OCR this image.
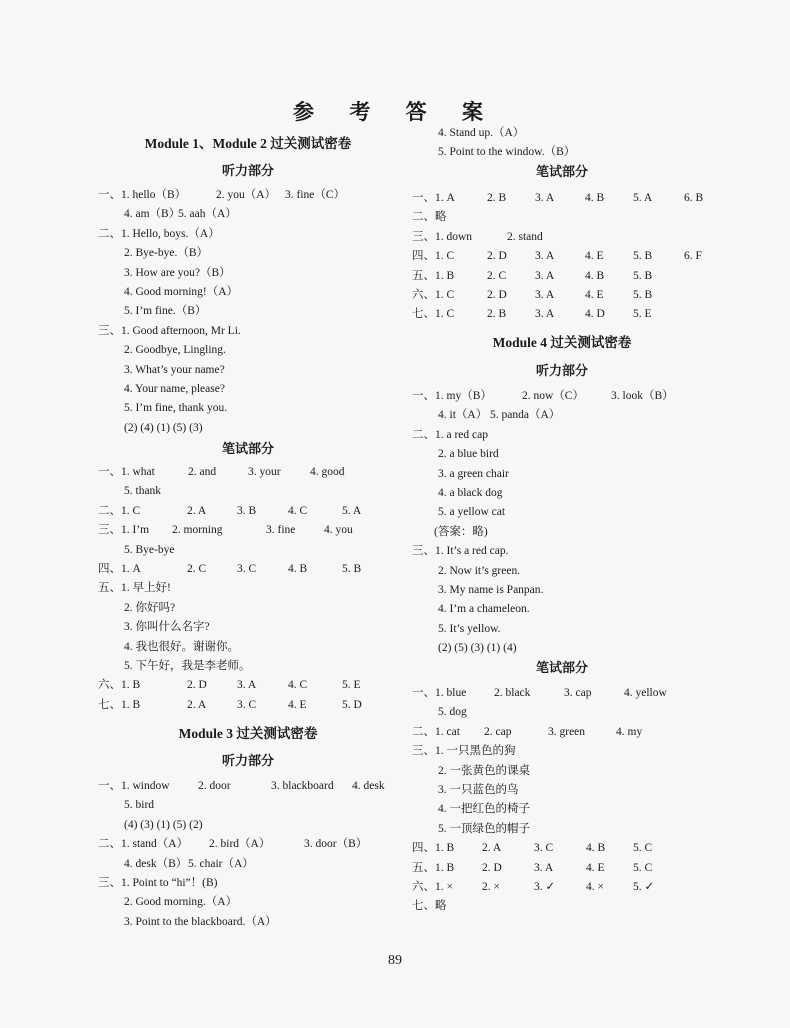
参 考 答 案
Module 1、Module 2 过关测试密卷
听力部分
一、1. hello（B）	2. you（A） 3. fine（C）
4. am（B）
5. aah（A）
二、1. Hello, boys.（A）
2. Bye-bye.（B）
3. How are you?（B）
4. Good morning!（A）
5. I’m fine.（B）
三、1. Good afternoon, Mr Li.
2. Goodbye, Lingling.
3. What’s your name?
4. Your name, please?
5. I’m fine, thank you.
(2) (4) (1) (5) (3)
笔试部分
一、1. what	2. and	3. your	4. good
5. thank
二、1. C	2. A	3. B	4. C	5. A
三、1. I’m 2. morning	3. fine 4. you
5. Bye-bye
四、1. A	2. C	3. C	4. B	5. B
五、1. 早上好!
2. 你好吗?
3. 你叫什么名字?
4. 我也很好。谢谢你。
5. 下午好，我是李老师。
六、1. B	2. D	3. A	4. C	5. E
七、1. B	2. A	3. C	4. E	5. D
Module 3 过关测试密卷
听力部分
一、1. window 2. door	3. blackboard 4. desk
5. bird
(4) (3) (1) (5) (2)
二、1. stand（A） 2. bird（A）	3. door（B）
4. desk（B） 5. chair（A）
三、1. Point to “hi”！(B)
2. Good morning.（A）
3. Point to the blackboard.（A）
4. Stand up.（A）
5. Point to the window.（B）
笔试部分
一、1. A	2. B	3. A	4. B	5. A	6. B
二、略
三、1. down	2. stand
四、1. C	2. D 3. A	4. E	5. B	6. F
五、1. B	2. C	3. A	4. B	5. B
六、1. C	2. D 3. A	4. E	5. B
七、1. C	2. B	3. A	4. D 5. E
Module 4 过关测试密卷
听力部分
一、1. my（B）	2. now（C） 3. look（B）
4. it（A） 5. panda（A）
二、1. a red cap
2. a blue bird
3. a green chair
4. a black dog
5. a yellow cat
(答案：略)
三、1. It’s a red cap.
2. Now it’s green.
3. My name is Panpan.
4. I’m a chameleon.
5. It’s yellow.
(2) (5) (3) (1) (4)
笔试部分
一、1. blue 2. black	3. cap	4. yellow
5. dog
二、1. cat 2. cap	3. green	4. my
三、1. 一只黑色的狗
2. 一张黄色的课桌
3. 一只蓝色的鸟
4. 一把红色的椅子
5. 一顶绿色的帽子
四、1. B 2. A	3. C	4. B 5. C
五、1. B 2. D	3. A	4. E 5. C
六、1. ×	2. ×	3. ✓	4. ×	5. ✓
七、略
89
